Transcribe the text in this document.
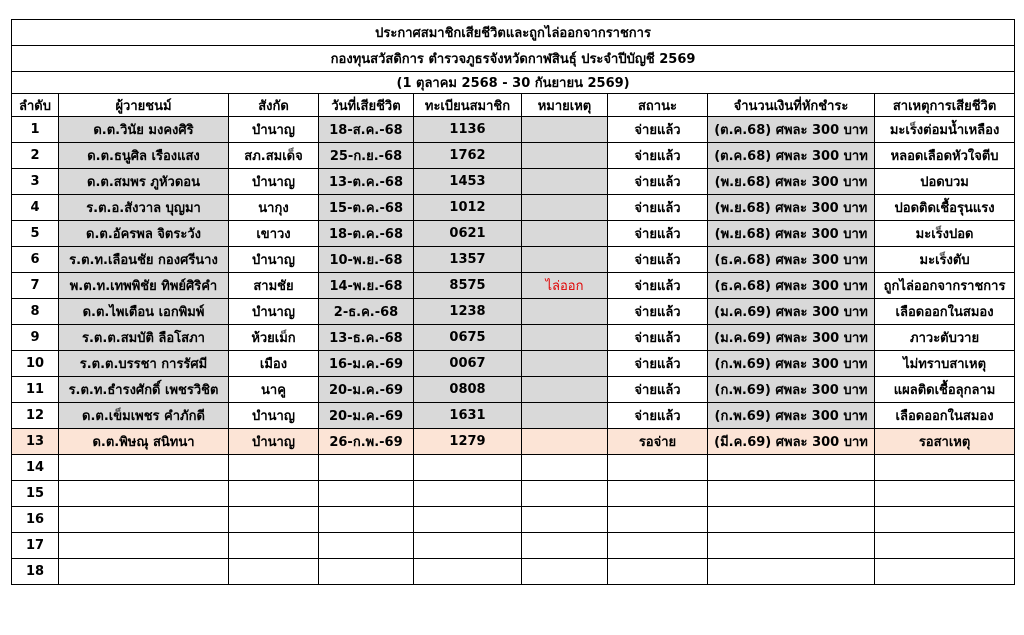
ประกาศสมาชิกเสียชีวิตและถูกไล่ออกจากราชการ								
กองทุนสวัสดิการ ตำรวจภูธรจังหวัดกาฬสินธุ์ ประจำปีบัญชี 2569								
(1 ตุลาคม 2568 - 30 กันยายน 2569)								
ลำดับ	ผู้วายชนม์	สังกัด	วันที่เสียชีวิต	ทะเบียนสมาชิก	หมายเหตุ	สถานะ	จำนวนเงินที่หักชำระ	สาเหตุการเสียชีวิต
1	ด.ต.วินัย มงคงศิริ	บำนาญ	18-ส.ค.-68	1136		จ่ายแล้ว	(ต.ค.68) ศพละ 300 บาท	มะเร็งต่อมน้ำเหลือง
2	ด.ต.ธนูศิล เรืองแสง	สภ.สมเด็จ	25-ก.ย.-68	1762		จ่ายแล้ว	(ต.ค.68) ศพละ 300 บาท	หลอดเลือดหัวใจตีบ
3	ด.ต.สมพร ภูหัวดอน	บำนาญ	13-ต.ค.-68	1453		จ่ายแล้ว	(พ.ย.68) ศพละ 300 บาท	ปอดบวม
4	ร.ต.อ.สังวาล บุญมา	นากุง	15-ต.ค.-68	1012		จ่ายแล้ว	(พ.ย.68) ศพละ 300 บาท	ปอดติดเชื้อรุนแรง
5	ด.ต.อัครพล จิตระวัง	เขาวง	18-ต.ค.-68	0621		จ่ายแล้ว	(พ.ย.68) ศพละ 300 บาท	มะเร็งปอด
6	ร.ต.ท.เลือนชัย กองศรีนาง	บำนาญ	10-พ.ย.-68	1357		จ่ายแล้ว	(ธ.ค.68) ศพละ 300 บาท	มะเร็งตับ
7	พ.ต.ท.เทพพิชัย ทิพย์ศิริคำ	สามชัย	14-พ.ย.-68	8575	ไล่ออก	จ่ายแล้ว	(ธ.ค.68) ศพละ 300 บาท	ถูกไล่ออกจากราชการ
8	ด.ต.ไพเตือน เอกพิมพ์	บำนาญ	2-ธ.ค.-68	1238		จ่ายแล้ว	(ม.ค.69) ศพละ 300 บาท	เลือดออกในสมอง
9	ร.ต.ต.สมบัติ ลือโสภา	ห้วยเม็ก	13-ธ.ค.-68	0675		จ่ายแล้ว	(ม.ค.69) ศพละ 300 บาท	ภาวะตับวาย
10	ร.ต.ต.บรรชา การรัศมี	เมือง	16-ม.ค.-69	0067		จ่ายแล้ว	(ก.พ.69) ศพละ 300 บาท	ไม่ทราบสาเหตุ
11	ร.ต.ท.ธำรงศักดิ์ เพชรวิชิต	นาคู	20-ม.ค.-69	0808		จ่ายแล้ว	(ก.พ.69) ศพละ 300 บาท	แผลติดเชื้อลุกลาม
12	ด.ต.เข็มเพชร คำภักดี	บำนาญ	20-ม.ค.-69	1631		จ่ายแล้ว	(ก.พ.69) ศพละ 300 บาท	เลือดออกในสมอง
13	ด.ต.พิษณุ สนิทนา	บำนาญ	26-ก.พ.-69	1279		รอจ่าย	(มี.ค.69) ศพละ 300 บาท	รอสาเหตุ
14								
15								
16								
17								
18								
